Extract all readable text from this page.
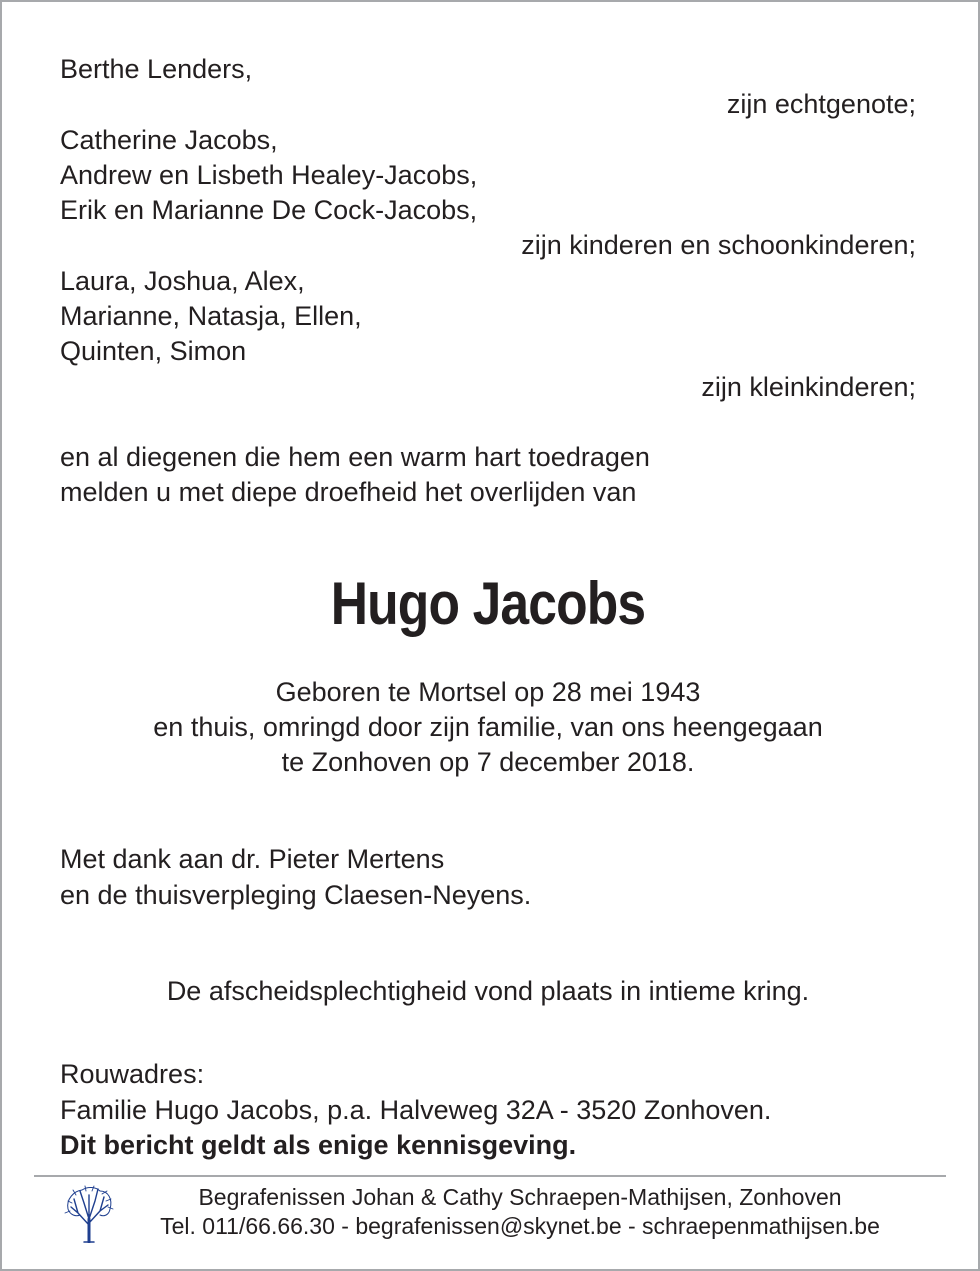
Berthe Lenders,
zijn echtgenote;
Catherine Jacobs,
Andrew en Lisbeth Healey-Jacobs,
Erik en Marianne De Cock-Jacobs,
zijn kinderen en schoonkinderen;
Laura, Joshua, Alex,
Marianne, Natasja, Ellen,
Quinten, Simon
zijn kleinkinderen;
en al diegenen die hem een warm hart toedragen
melden u met diepe droefheid het overlijden van
Hugo Jacobs
Geboren te Mortsel op 28 mei 1943
en thuis, omringd door zijn familie, van ons heengegaan
te Zonhoven op 7 december 2018.
Met dank aan dr. Pieter Mertens
en de thuisverpleging Claesen-Neyens.
De afscheidsplechtigheid vond plaats in intieme kring.
Rouwadres:
Familie Hugo Jacobs, p.a. Halveweg 32A - 3520 Zonhoven.
Dit bericht geldt als enige kennisgeving.
Begrafenissen Johan & Cathy Schraepen-Mathijsen, Zonhoven
Tel. 011/66.66.30 - begrafenissen@skynet.be - schraepenmathijsen.be
